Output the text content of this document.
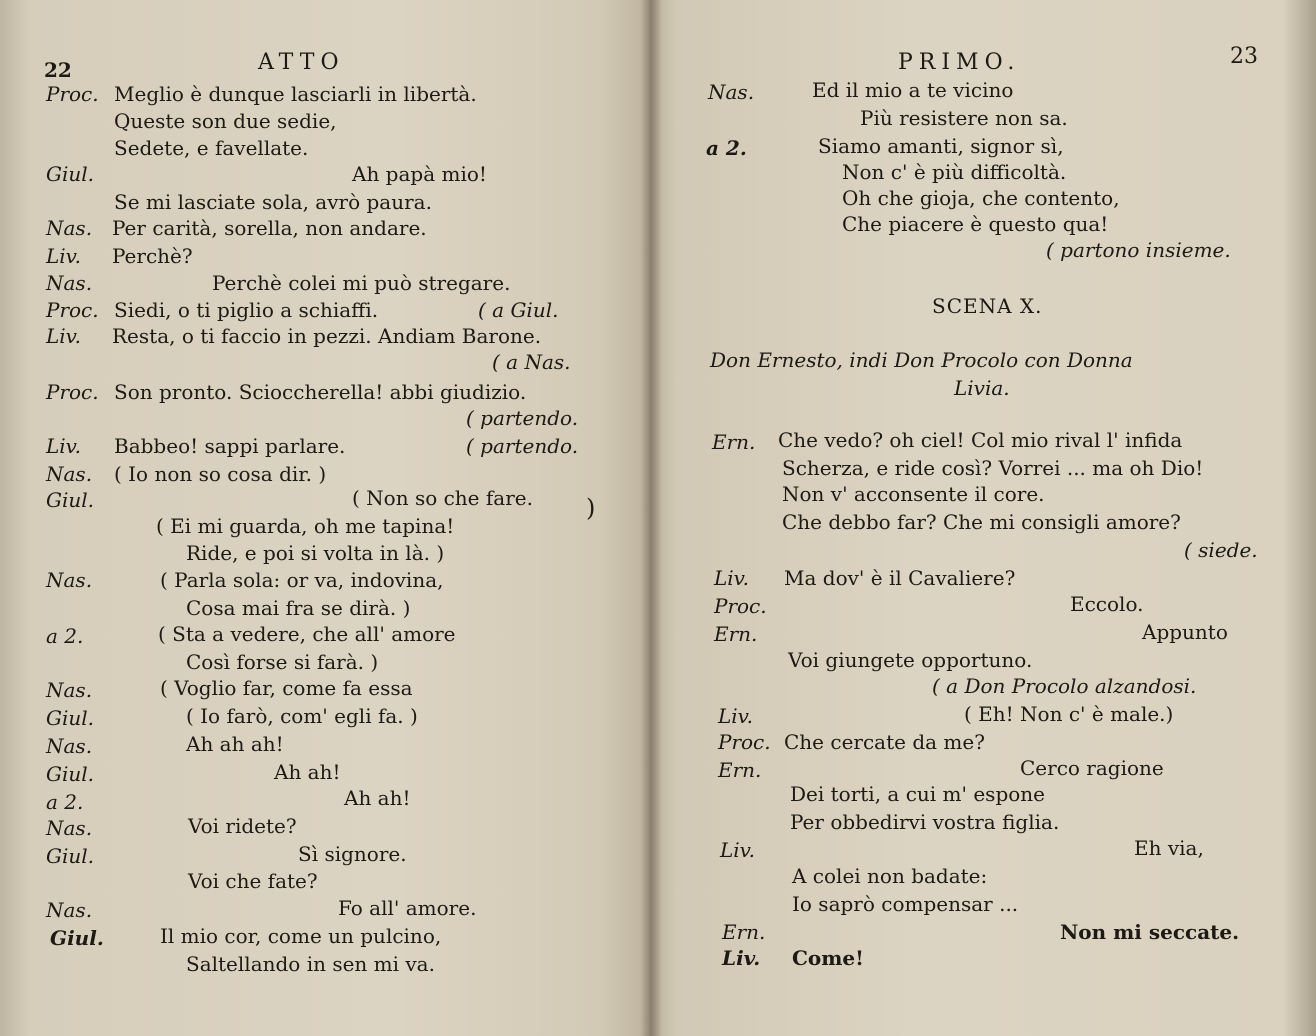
22	ATTO
Proc. Meglio è dunque lasciarli in libertà.
Queste son due sedie,
Sedete, e favellate.
Giul.	Ah papà mio!
Se mi lasciate sola, avrò paura.
Nas. Per carità, sorella, non andare.
Liv. Perchè?
Nas.	Perchè colei mi può stregare.
Proc. Siedi, o ti piglio a schiaffi.	( a Giul.
Liv. Resta, o ti faccio in pezzi. Andiam Barone.
( a Nas.
Proc. Son pronto. Scioccherella! abbi giudizio.
( partendo.
Liv. Babbeo! sappi parlare.	( partendo.
Nas. ( Io non so cosa dir. )
Giul.	( Non so che fare. )
( Ei mi guarda, oh me tapina!
Ride, e poi si volta in là. )
Nas.	( Parla sola: or va, indovina,
Cosa mai fra se dirà. )
a 2.	( Sta a vedere, che all' amore
Così forse si farà. )
Nas.	( Voglio far, come fa essa
Giul.	( Io farò, com' egli fa. )
Nas.	Ah ah ah!
Giul.	Ah ah!
a 2.	Ah ah!
Nas.	Voi ridete?
Giul.	Sì signore.
Voi che fate?
Nas.	Fo all' amore.
Giul.	Il mio cor, come un pulcino,
Saltellando in sen mi va.
PRIMO.	23
Nas.	Ed il mio a te vicino
Più resistere non sa.
a 2.	Siamo amanti, signor sì,
Non c' è più difficoltà.
Oh che gioja, che contento,
Che piacere è questo qua!
( partono insieme.
SCENA X.
Don Ernesto, indi Don Procolo con Donna
Livia.
Ern. Che vedo? oh ciel! Col mio rival l' infida
Scherza, e ride così? Vorrei ... ma oh Dio!
Non v' acconsente il core.
Che debbo far? Che mi consigli amore?
( siede.
Liv. Ma dov' è il Cavaliere?
Proc.	Eccolo.
Ern.	Appunto
Voi giungete opportuno.
( a Don Procolo alzandosi.
Liv.	( Eh! Non c' è male.)
Proc. Che cercate da me?
Ern.	Cerco ragione
Dei torti, a cui m' espone
Per obbedirvi vostra figlia.
Liv.	Eh via,
A colei non badate:
Io saprò compensar ...
Ern.	Non mi seccate.
Liv. Come!
